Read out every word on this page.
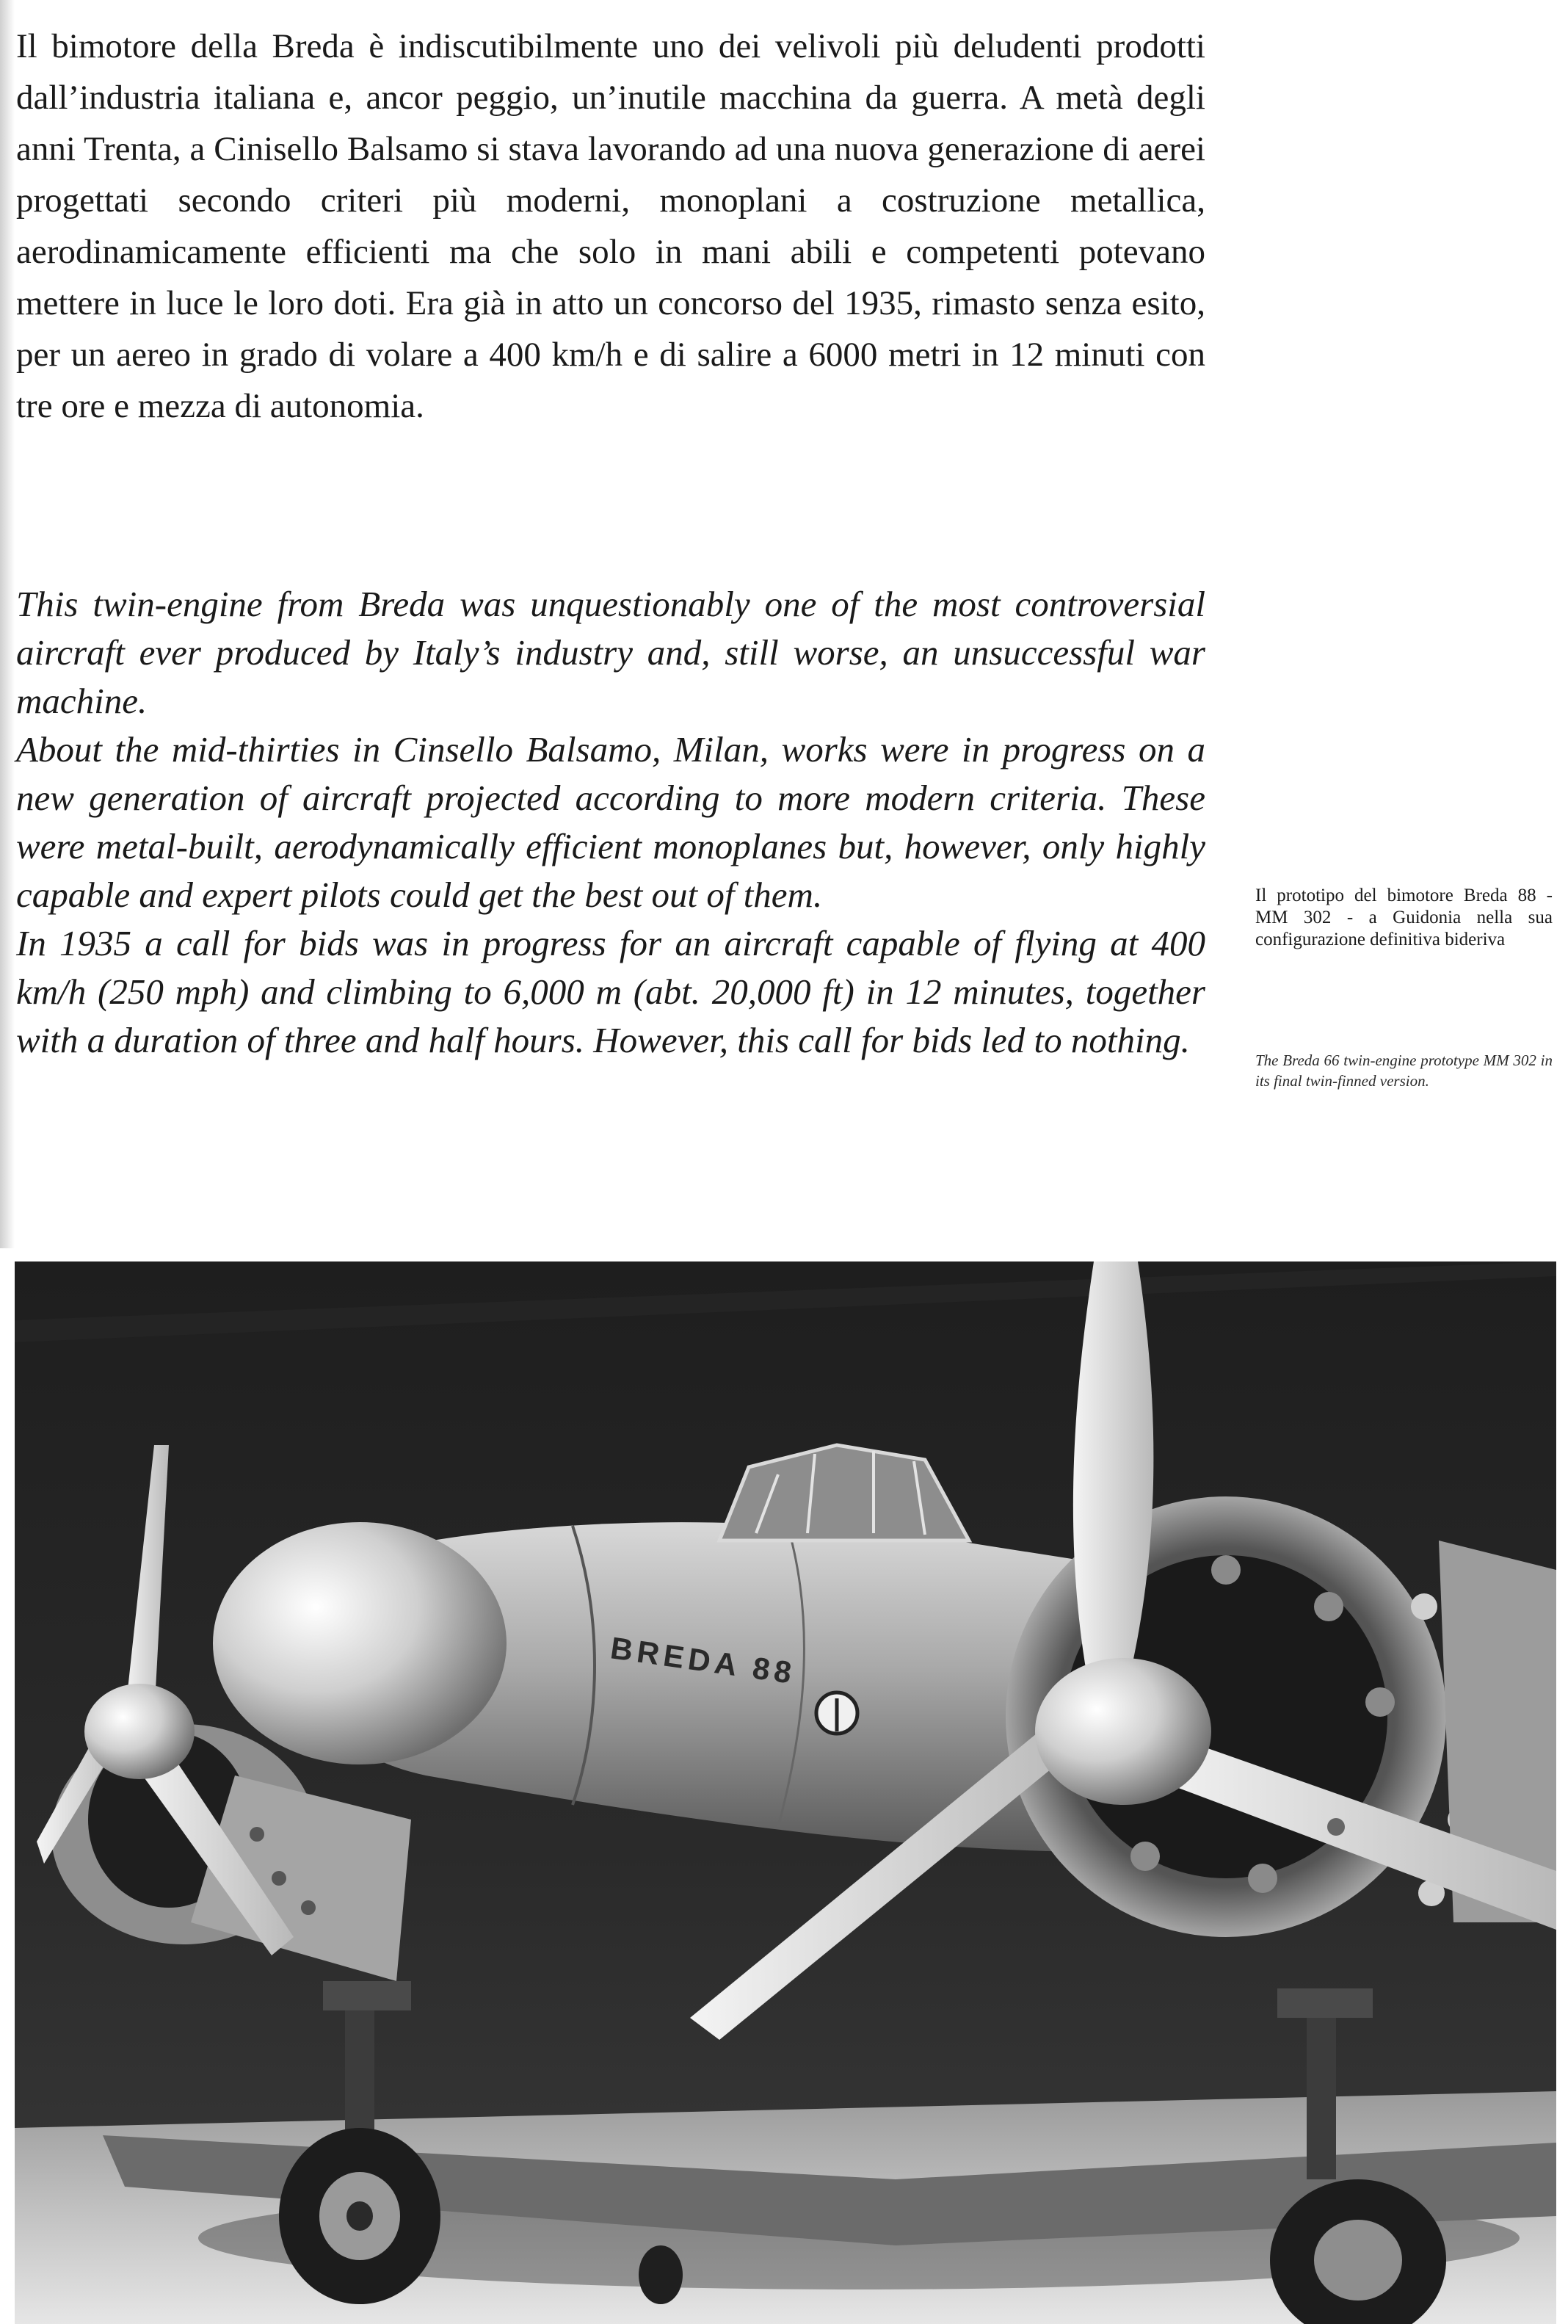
Il bimotore della Breda è indiscutibilmente uno dei velivoli più deludenti prodotti dall’industria italiana e, ancor peggio, un’inutile macchina da guerra. A metà degli anni Trenta, a Cinisello Balsamo si stava lavorando ad una nuova generazione di aerei progettati secondo criteri più moderni, monoplani a costruzione metallica, aerodinamicamente efficienti ma che solo in mani abili e competenti potevano mettere in luce le loro doti. Era già in atto un concorso del 1935, rimasto senza esito, per un aereo in grado di volare a 400 km/h e di salire a 6000 metri in 12 minuti con tre ore e mezza di autonomia.

This twin-engine from Breda was unquestionably one of the most controversial aircraft ever produced by Italy’s industry and, still worse, an unsuccessful war machine.

About the mid-thirties in Cinsello Balsamo, Milan, works were in progress on a new generation of aircraft projected according to more modern criteria. These were metal-built, aerodynamically efficient monoplanes but, however, only highly capable and expert pilots could get the best out of them.

In 1935 a call for bids was in progress for an aircraft capable of flying at 400 km/h (250 mph) and climbing to 6,000 m (abt. 20,000 ft) in 12 minutes, together with a duration of three and half hours. However, this call for bids led to nothing.

Il prototipo del bimotore Breda 88 - MM 302 - a Guidonia nella sua configurazione definitiva bideriva
The Breda 66 twin-engine prototype MM 302 in its final twin-finned version.
BREDA 88
